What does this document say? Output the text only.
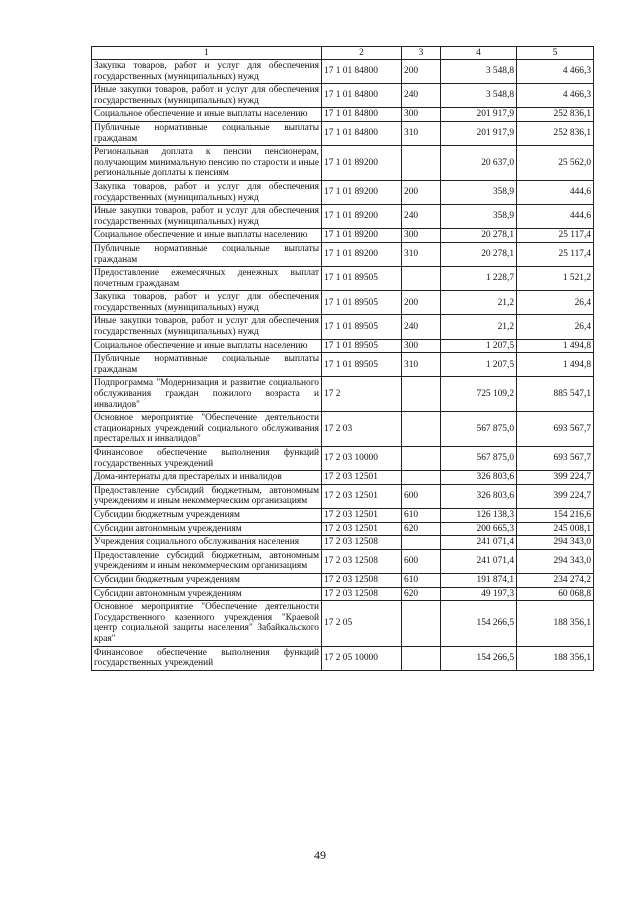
1	2	3	4	5
Закупка товаров, работ и услуг для обеспечения государственных (муниципальных) нужд	17 1 01 84800	200	3 548,8	4 466,3
Иные закупки товаров, работ и услуг для обеспечения государственных (муниципальных) нужд	17 1 01 84800	240	3 548,8	4 466,3
Социальное обеспечение и иные выплаты населению	17 1 01 84800	300	201 917,9	252 836,1
Публичные нормативные социальные выплаты гражданам	17 1 01 84800	310	201 917,9	252 836,1
Региональная доплата к пенсии пенсионерам, получающим минимальную пенсию по старости и иные региональные доплаты к пенсиям	17 1 01 89200		20 637,0	25 562,0
Закупка товаров, работ и услуг для обеспечения государственных (муниципальных) нужд	17 1 01 89200	200	358,9	444,6
Иные закупки товаров, работ и услуг для обеспечения государственных (муниципальных) нужд	17 1 01 89200	240	358,9	444,6
Социальное обеспечение и иные выплаты населению	17 1 01 89200	300	20 278,1	25 117,4
Публичные нормативные социальные выплаты гражданам	17 1 01 89200	310	20 278,1	25 117,4
Предоставление ежемесячных денежных выплат почетным гражданам	17 1 01 89505		1 228,7	1 521,2
Закупка товаров, работ и услуг для обеспечения государственных (муниципальных) нужд	17 1 01 89505	200	21,2	26,4
Иные закупки товаров, работ и услуг для обеспечения государственных (муниципальных) нужд	17 1 01 89505	240	21,2	26,4
Социальное обеспечение и иные выплаты населению	17 1 01 89505	300	1 207,5	1 494,8
Публичные нормативные социальные выплаты гражданам	17 1 01 89505	310	1 207,5	1 494,8
Подпрограмма "Модернизация и развитие социального обслуживания граждан пожилого возраста и инвалидов"	17 2		725 109,2	885 547,1
Основное мероприятие "Обеспечение деятельности стационарных учреждений социального обслуживания престарелых и инвалидов"	17 2 03		567 875,0	693 567,7
Финансовое обеспечение выполнения функций государственных учреждений	17 2 03 10000		567 875,0	693 567,7
Дома-интернаты для престарелых и инвалидов	17 2 03 12501		326 803,6	399 224,7
Предоставление субсидий бюджетным, автономным учреждениям и иным некоммерческим организациям	17 2 03 12501	600	326 803,6	399 224,7
Субсидии бюджетным учреждениям	17 2 03 12501	610	126 138,3	154 216,6
Субсидии автономным учреждениям	17 2 03 12501	620	200 665,3	245 008,1
Учреждения социального обслуживания населения	17 2 03 12508		241 071,4	294 343,0
Предоставление субсидий бюджетным, автономным учреждениям и иным некоммерческим организациям	17 2 03 12508	600	241 071,4	294 343,0
Субсидии бюджетным учреждениям	17 2 03 12508	610	191 874,1	234 274,2
Субсидии автономным учреждениям	17 2 03 12508	620	49 197,3	60 068,8
Основное мероприятие "Обеспечение деятельности Государственного казенного учреждения "Краевой центр социальной защиты населения" Забайкальского края"	17 2 05		154 266,5	188 356,1
Финансовое обеспечение выполнения функций государственных учреждений	17 2 05 10000		154 266,5	188 356,1
49
